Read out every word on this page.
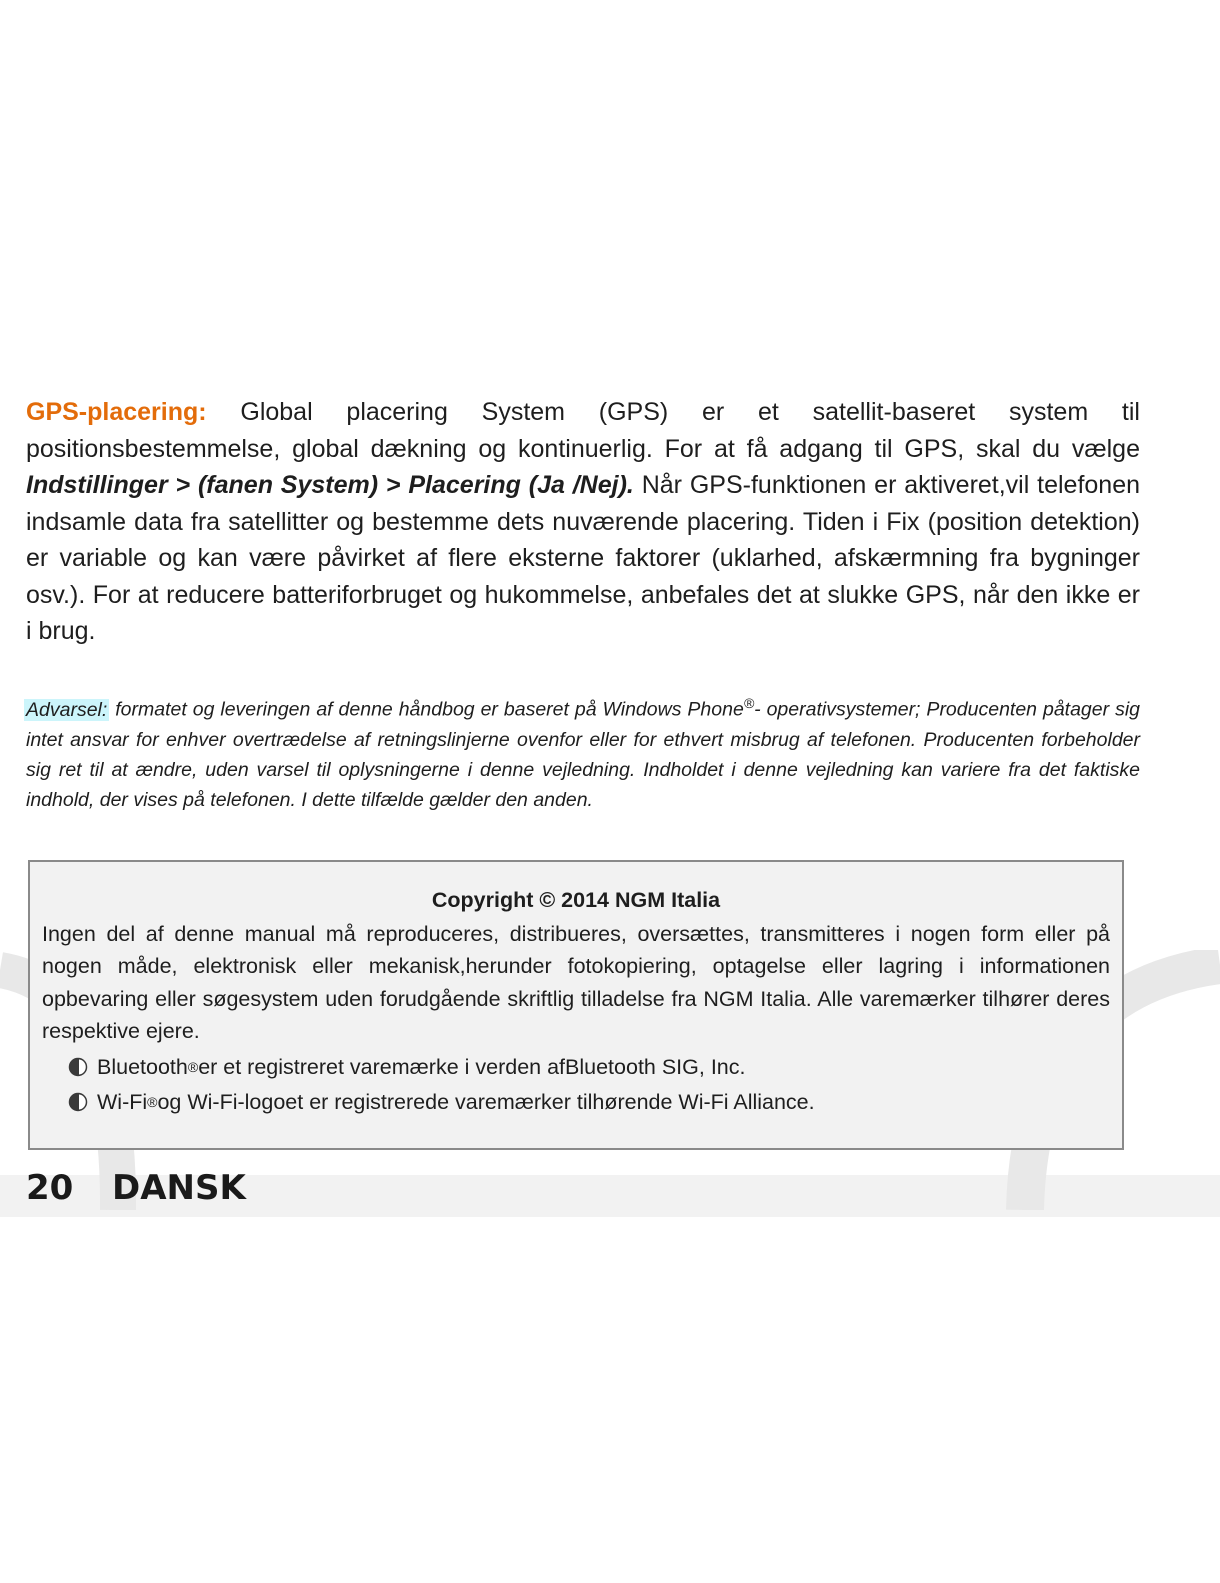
GPS-placering: Global placering System (GPS) er et satellit-baseret system til positionsbestemmelse, global dækning og kontinuerlig. For at få adgang til GPS, skal du vælge Indstillinger > (fanen System) > Placering (Ja /Nej). Når GPS-funktionen er aktiveret,vil telefonen indsamle data fra satellitter og bestemme dets nuværende placering. Tiden i Fix (position detektion) er variable og kan være påvirket af flere eksterne faktorer (uklarhed, afskærmning fra bygninger osv.). For at reducere batteriforbruget og hukommelse, anbefales det at slukke GPS, når den ikke er i brug.

Advarsel: formatet og leveringen af denne håndbog er baseret på Windows Phone®- operativsystemer; Producenten påtager sig intet ansvar for enhver overtrædelse af retningslinjerne ovenfor eller for ethvert misbrug af telefonen. Producenten forbeholder sig ret til at ændre, uden varsel til oplysningerne i denne vejledning. Indholdet i denne vejledning kan variere fra det faktiske indhold, der vises på telefonen. I dette tilfælde gælder den anden.

Copyright © 2014 NGM Italia
Ingen del af denne manual må reproduceres, distribueres, oversættes, transmitteres i nogen form eller på nogen måde, elektronisk eller mekanisk,herunder fotokopiering, optagelse eller lagring i informationen opbevaring eller søgesystem uden forudgående skriftlig tilladelse fra NGM Italia. Alle varemærker tilhører deres respektive ejere.
Bluetooth ® er et registreret varemærke i verden afBluetooth SIG, Inc.
Wi-Fi ® og Wi-Fi-logoet er registrerede varemærker tilhørende Wi-Fi Alliance.
20 DANSK
